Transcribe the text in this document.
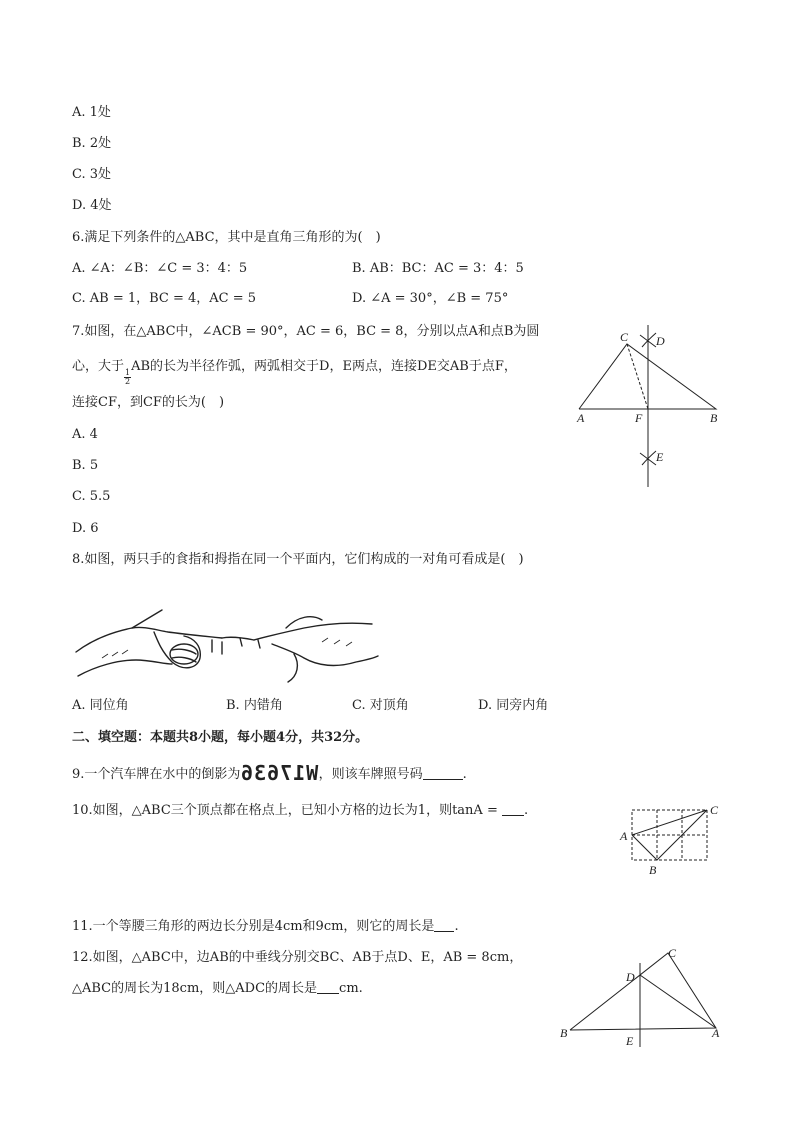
A. 1处
B. 2处
C. 3处
D. 4处
6.满足下列条件的△ABC，其中是直角三角形的为(　)
A. ∠A：∠B：∠C = 3：4：5	B. AB：BC：AC = 3：4：5
C. AB = 1，BC = 4，AC = 5	D. ∠A = 30°，∠B = 75°
7.如图，在△ABC中，∠ACB = 90°，AC = 6，BC = 8，分别以点A和点B为圆
心，大于
$\frac{1}{2}$
AB的长为半径作弧，两弧相交于D，E两点，连接DE交AB于点F，
连接CF，到CF的长为(　)
A. 4
B. 5
C. 5.5
D. 6
C D
A	F	B
E
8.如图，两只手的食指和拇指在同一个平面内，它们构成的一对角可看成是(　)
A. 同位角	B. 内错角	C. 对顶角	D. 同旁内角
二、填空题：本题共8小题，每小题4分，共32分。
9.一个汽车牌在水中的倒影为W17636，则该车牌照号码	.
10.如图，△ABC三个顶点都在格点上，已知小方格的边长为1，则tanA = .
A
B
C
11.一个等腰三角形的两边长分别是4cm和9cm，则它的周长是 .
12.如图，△ABC中，边AB的中垂线分别交BC、AB于点D、E，AB = 8cm，
△ABC的周长为18cm，则△ADC的周长是 cm.
C
D
B
E
A
